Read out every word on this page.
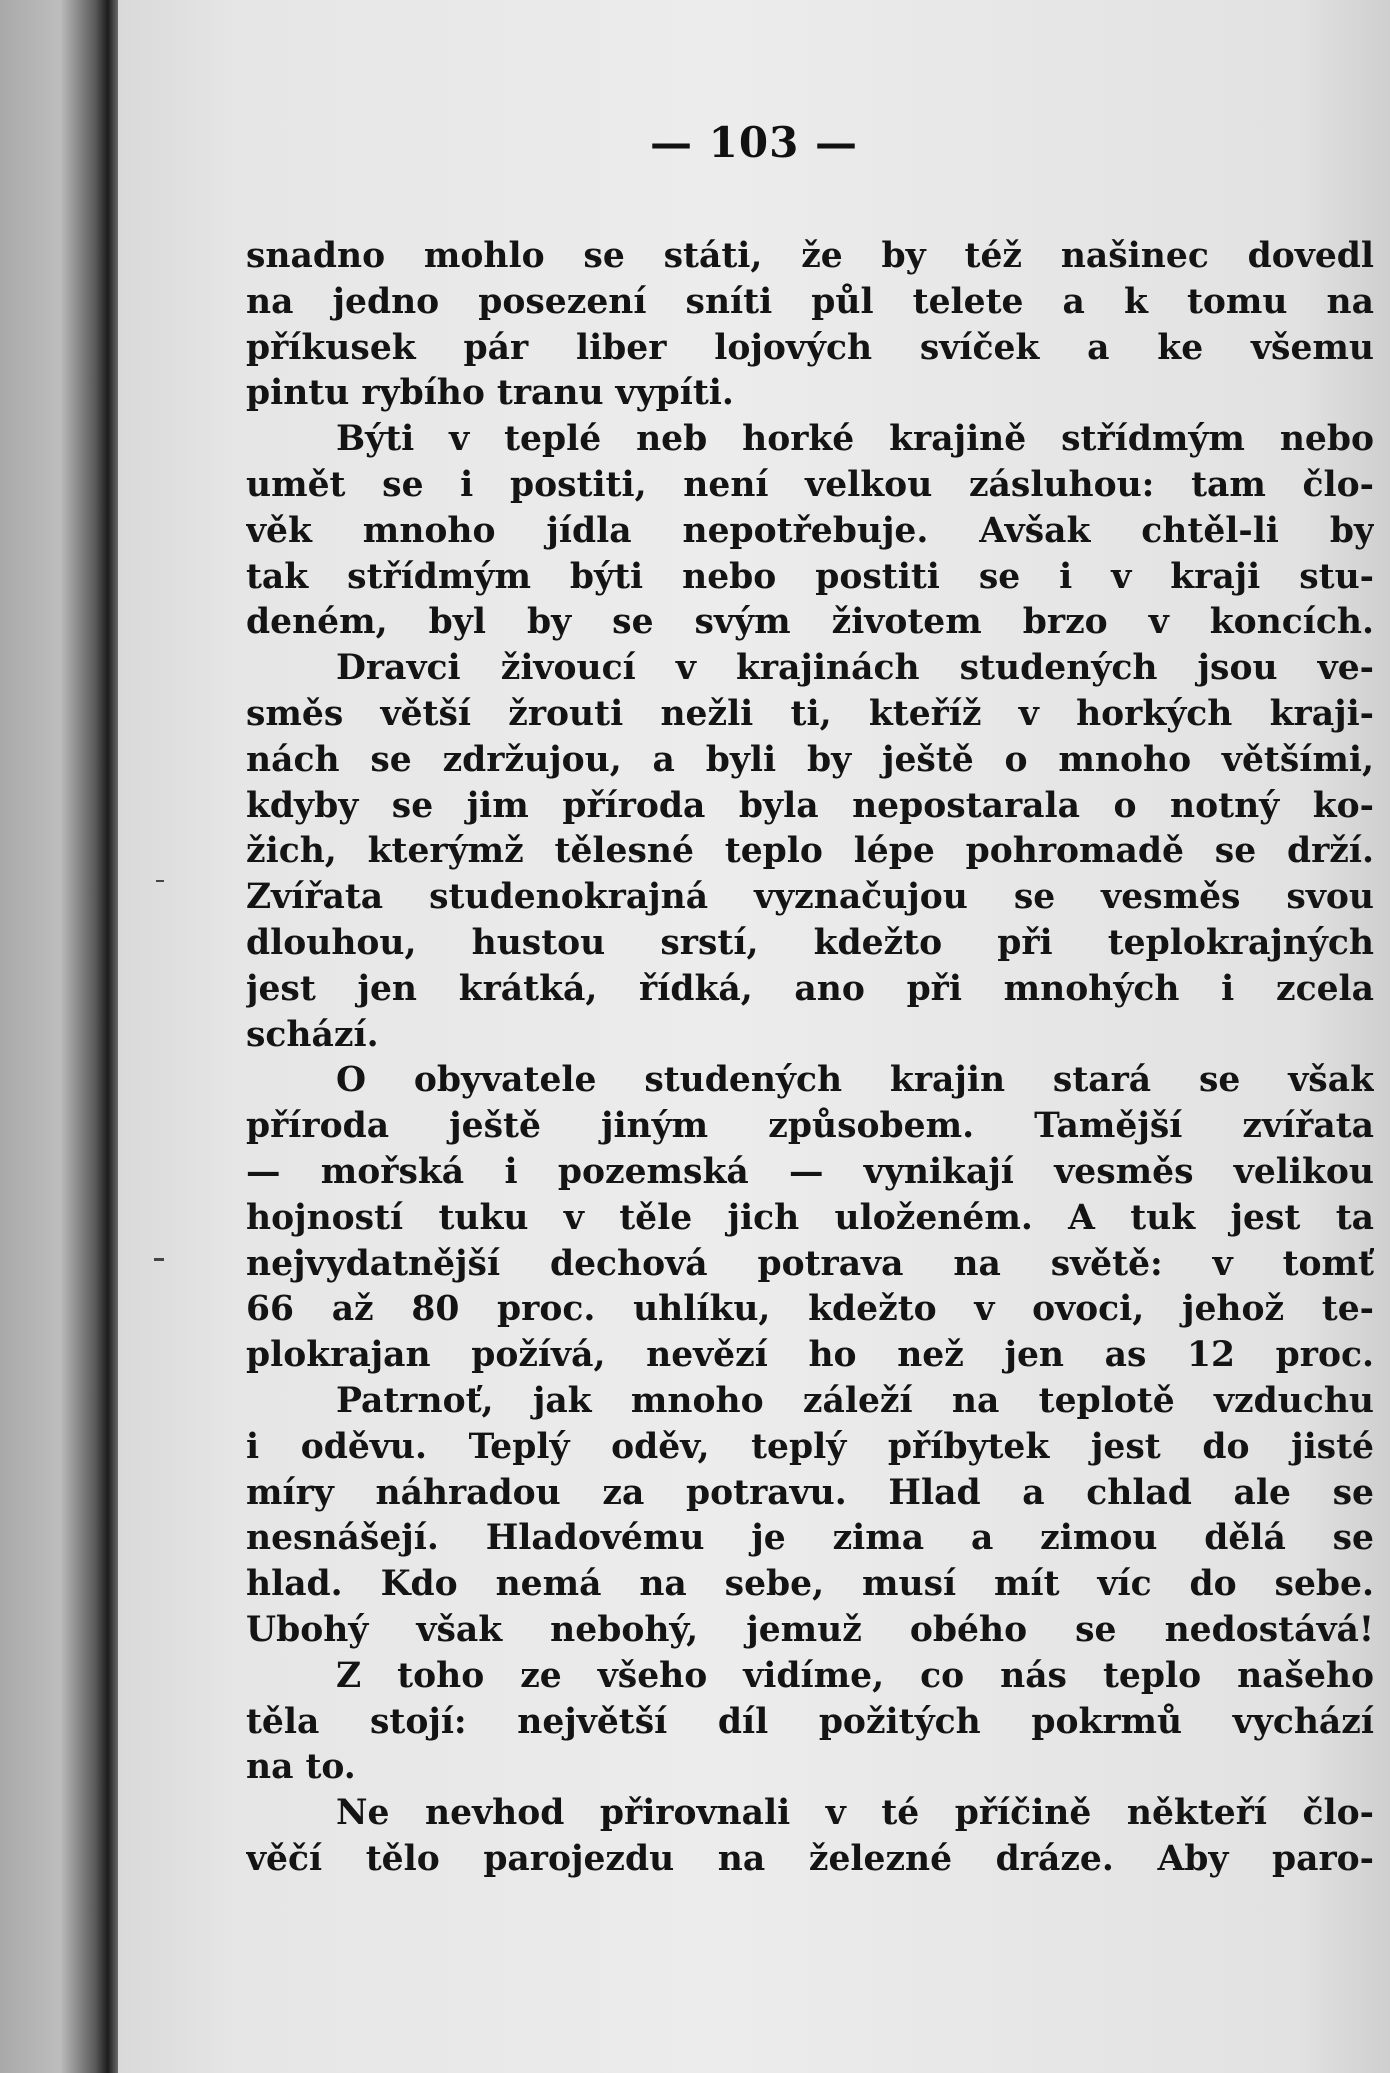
— 103 —
snadno mohlo se státi, že by též našinec dovedl
na jedno posezení sníti půl telete a k tomu na
příkusek pár liber lojových svíček a ke všemu
pintu rybího tranu vypíti.
Býti v teplé neb horké krajině střídmým nebo
umět se i postiti, není velkou zásluhou: tam člo-
věk mnoho jídla nepotřebuje. Avšak chtěl-li by
tak střídmým býti nebo postiti se i v kraji stu-
deném, byl by se svým životem brzo v koncích.
Dravci živoucí v krajinách studených jsou ve-
směs větší žrouti nežli ti, kteříž v horkých kraji-
nách se zdržujou, a byli by ještě o mnoho většími,
kdyby se jim příroda byla nepostarala o notný ko-
žich, kterýmž tělesné teplo lépe pohromadě se drží.
Zvířata studenokrajná vyznačujou se vesměs svou
dlouhou, hustou srstí, kdežto při teplokrajných
jest jen krátká, řídká, ano při mnohých i zcela
schází.
O obyvatele studených krajin stará se však
příroda ještě jiným způsobem. Tamější zvířata
— mořská i pozemská — vynikají vesměs velikou
hojností tuku v těle jich uloženém. A tuk jest ta
nejvydatnější dechová potrava na světě: v tomť
66 až 80 proc. uhlíku, kdežto v ovoci, jehož te-
plokrajan požívá, nevězí ho než jen as 12 proc.
Patrnoť, jak mnoho záleží na teplotě vzduchu
i oděvu. Teplý oděv, teplý příbytek jest do jisté
míry náhradou za potravu. Hlad a chlad ale se
nesnášejí. Hladovému je zima a zimou dělá se
hlad. Kdo nemá na sebe, musí mít víc do sebe.
Ubohý však nebohý, jemuž obého se nedostává!
Z toho ze všeho vidíme, co nás teplo našeho
těla stojí: největší díl požitých pokrmů vychází
na to.
Ne nevhod přirovnali v té příčině někteří člo-
věčí tělo parojezdu na železné dráze. Aby paro-
